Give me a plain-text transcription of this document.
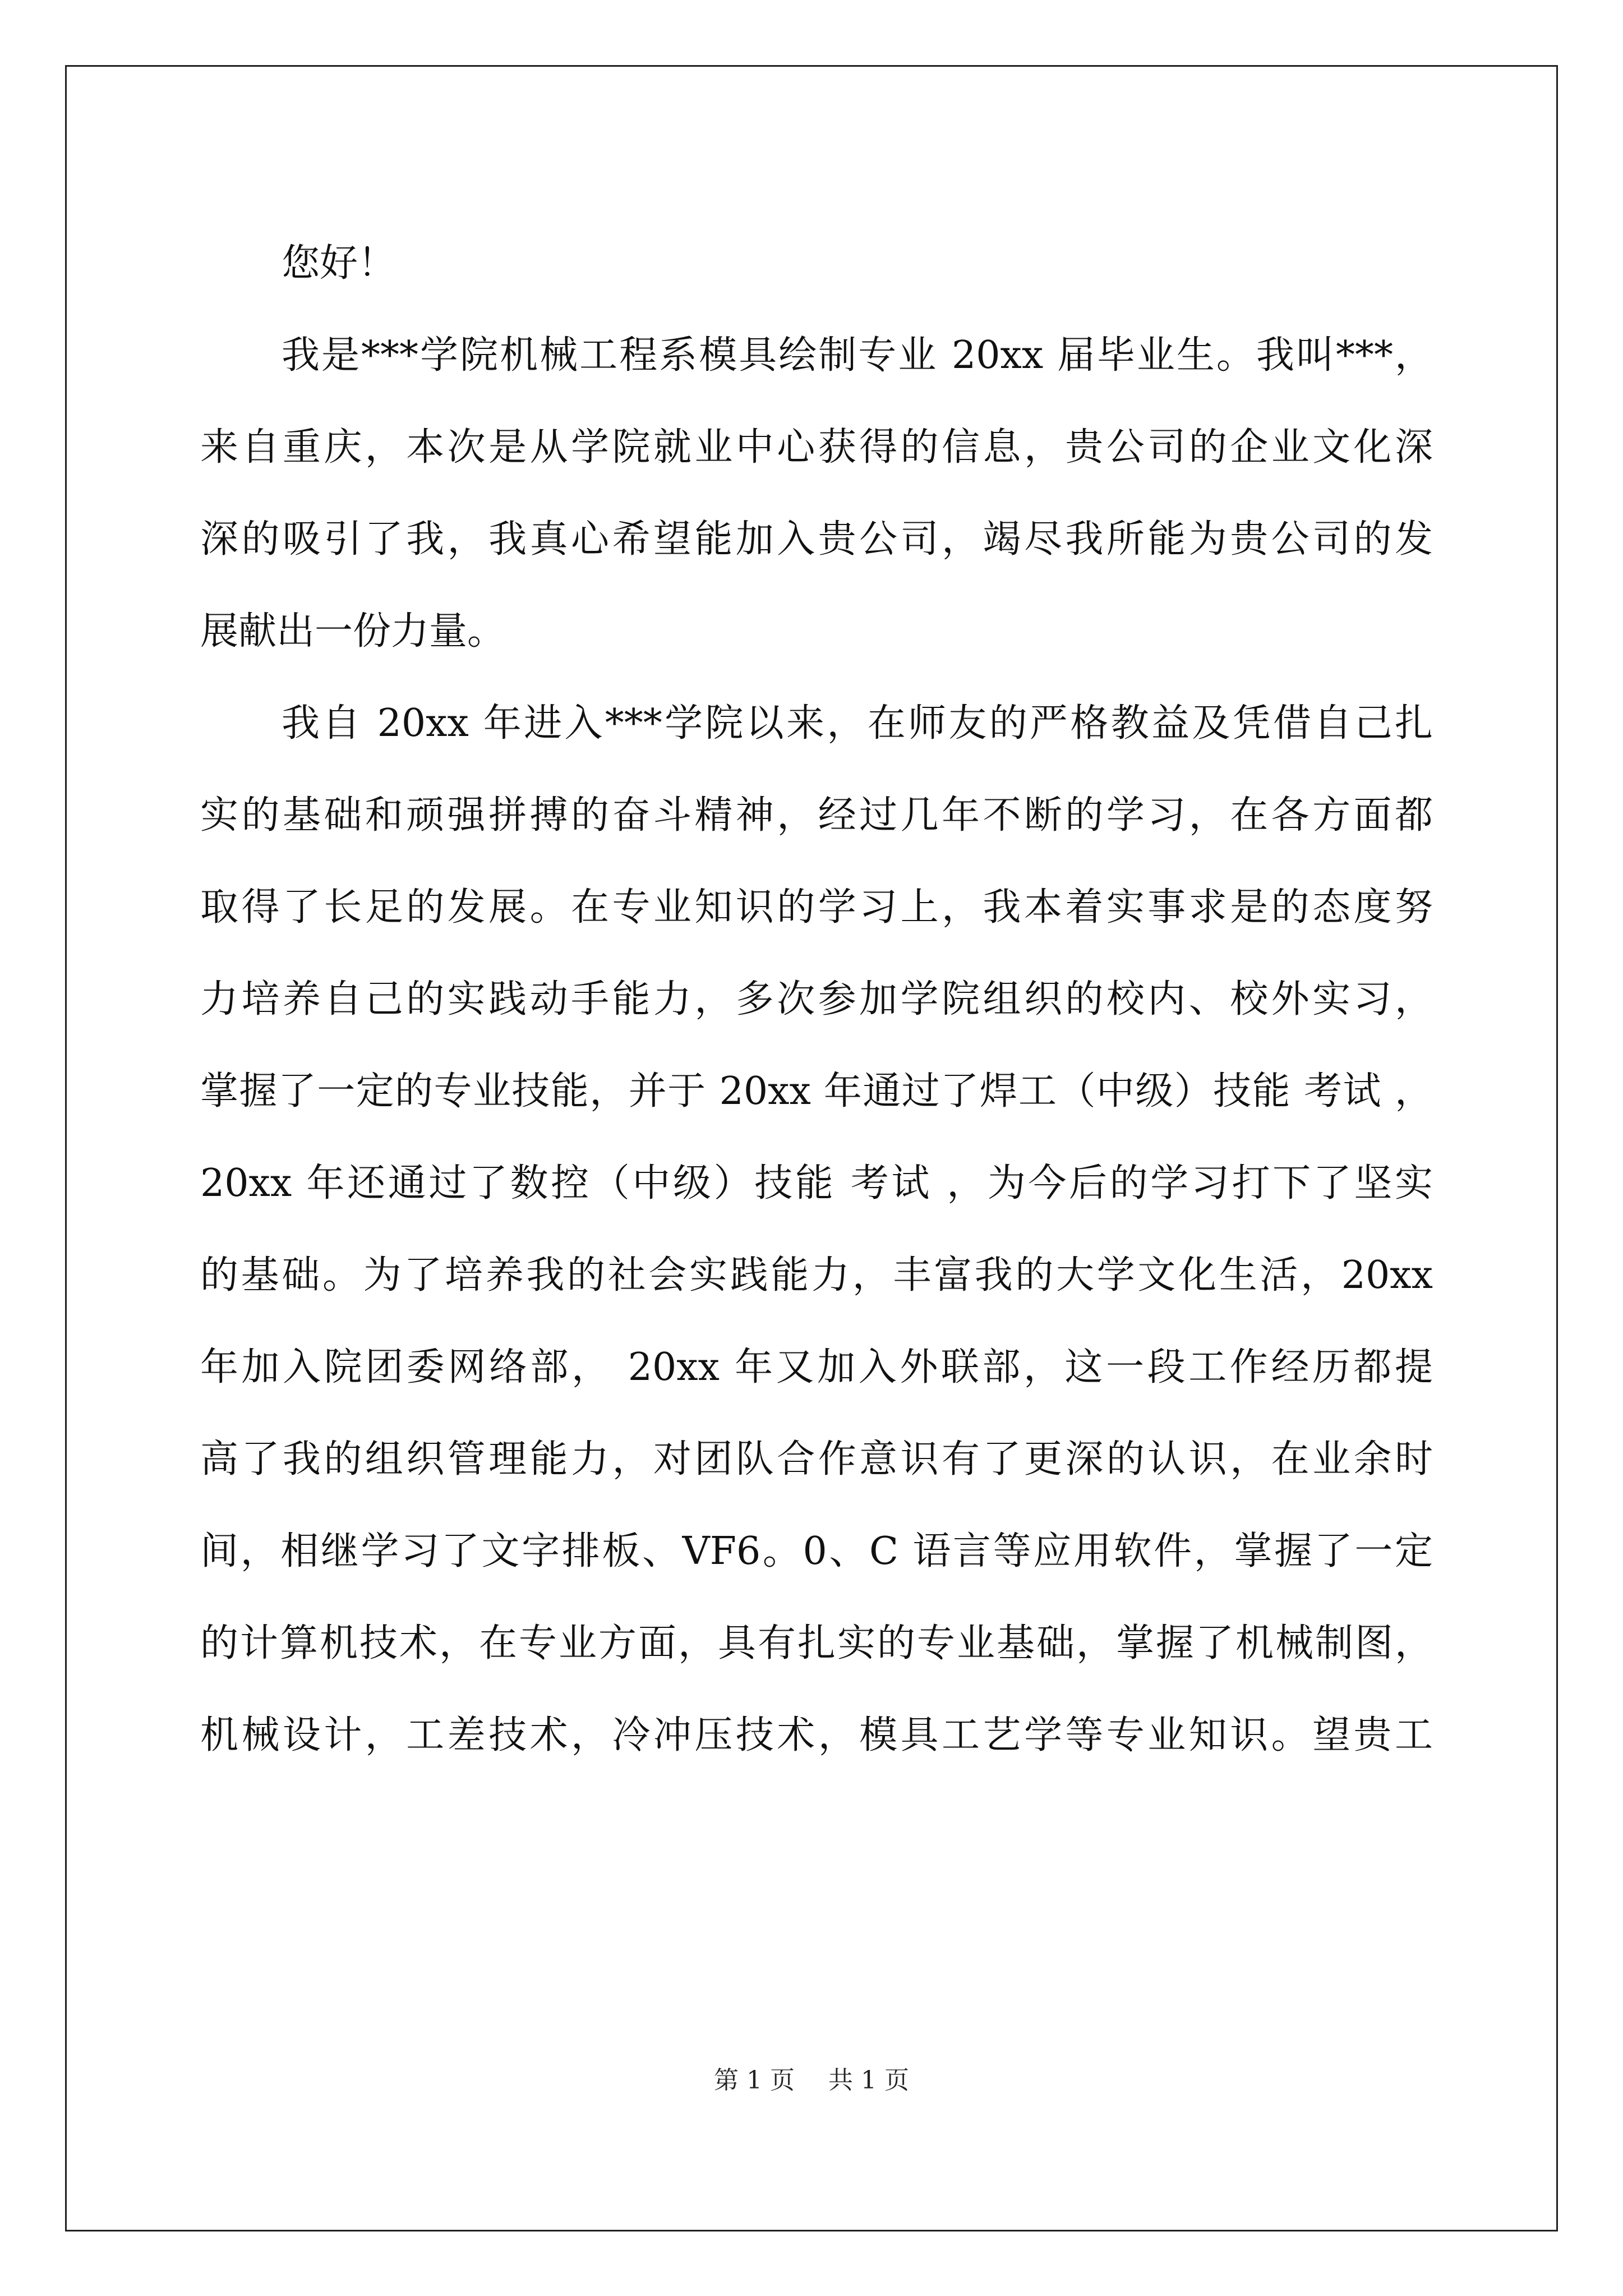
您好！
我是***学院机械工程系模具绘制专业 20xx 届毕业生。我叫***，
来自重庆，本次是从学院就业中心获得的信息，贵公司的企业文化深
深的吸引了我，我真心希望能加入贵公司，竭尽我所能为贵公司的发
展献出一份力量。
我自 20xx 年进入***学院以来，在师友的严格教益及凭借自己扎
实的基础和顽强拼搏的奋斗精神，经过几年不断的学习，在各方面都
取得了长足的发展。在专业知识的学习上，我本着实事求是的态度努
力培养自己的实践动手能力，多次参加学院组织的校内、校外实习，
掌握了一定的专业技能，并于 20xx 年通过了焊工（中级）技能 考试 ，
20xx 年还通过了数控（中级）技能 考试 ，为今后的学习打下了坚实
的基础。为了培养我的社会实践能力，丰富我的大学文化生活，20xx
年加入院团委网络部， 20xx 年又加入外联部，这一段工作经历都提
高了我的组织管理能力，对团队合作意识有了更深的认识，在业余时
间，相继学习了文字排板、VF6。0、C 语言等应用软件，掌握了一定
的计算机技术，在专业方面，具有扎实的专业基础，掌握了机械制图，
机械设计，工差技术，冷冲压技术，模具工艺学等专业知识。望贵工
第 1 页 共 1 页
